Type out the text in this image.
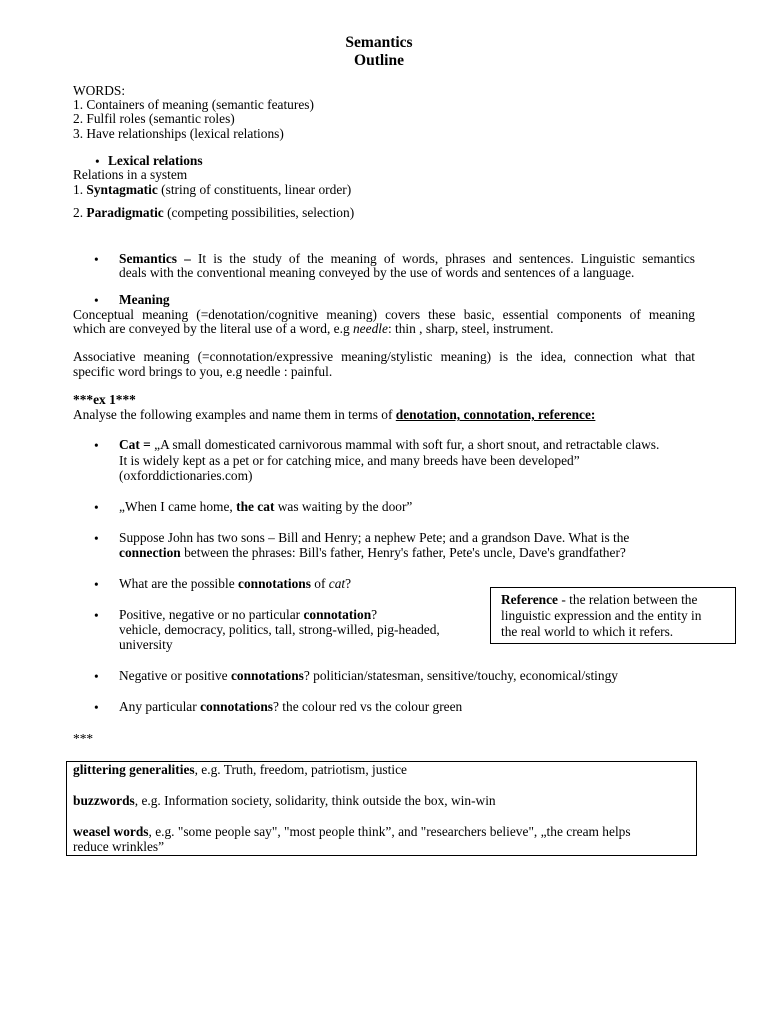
Semantics
Outline
WORDS:
1. Containers of meaning (semantic features)
2. Fulfil roles (semantic roles)
3. Have relationships (lexical relations)
• Lexical relations
Relations in a system
1. Syntagmatic (string of constituents, linear order)
2. Paradigmatic (competing possibilities, selection)
• Semantics – It is the study of the meaning of words, phrases and sentences. Linguistic semantics
deals with the conventional meaning conveyed by the use of words and sentences of a language.
• Meaning
Conceptual meaning (=denotation/cognitive meaning) covers these basic, essential components of meaning
which are conveyed by the literal use of a word, e.g needle: thin , sharp, steel, instrument.
Associative meaning (=connotation/expressive meaning/stylistic meaning) is the idea, connection what that
specific word brings to you, e.g needle : painful.
***ex 1***
Analyse the following examples and name them in terms of denotation, connotation, reference:
• Cat = „A small domesticated carnivorous mammal with soft fur, a short snout, and retractable claws.
It is widely kept as a pet or for catching mice, and many breeds have been developed”
(oxforddictionaries.com)
• „When I came home, the cat was waiting by the door”
• Suppose John has two sons – Bill and Henry; a nephew Pete; and a grandson Dave. What is the
connection between the phrases: Bill's father, Henry's father, Pete's uncle, Dave's grandfather?
• What are the possible connotations of cat?
• Positive, negative or no particular connotation?
vehicle, democracy, politics, tall, strong-willed, pig-headed,
university
Reference - the relation between the
linguistic expression and the entity in
the real world to which it refers.
• Negative or positive connotations? politician/statesman, sensitive/touchy, economical/stingy
• Any particular connotations? the colour red vs the colour green
***
glittering generalities, e.g. Truth, freedom, patriotism, justice
buzzwords, e.g. Information society, solidarity, think outside the box, win-win
weasel words, e.g. "some people say", "most people think”, and "researchers believe", „the cream helps
reduce wrinkles”
